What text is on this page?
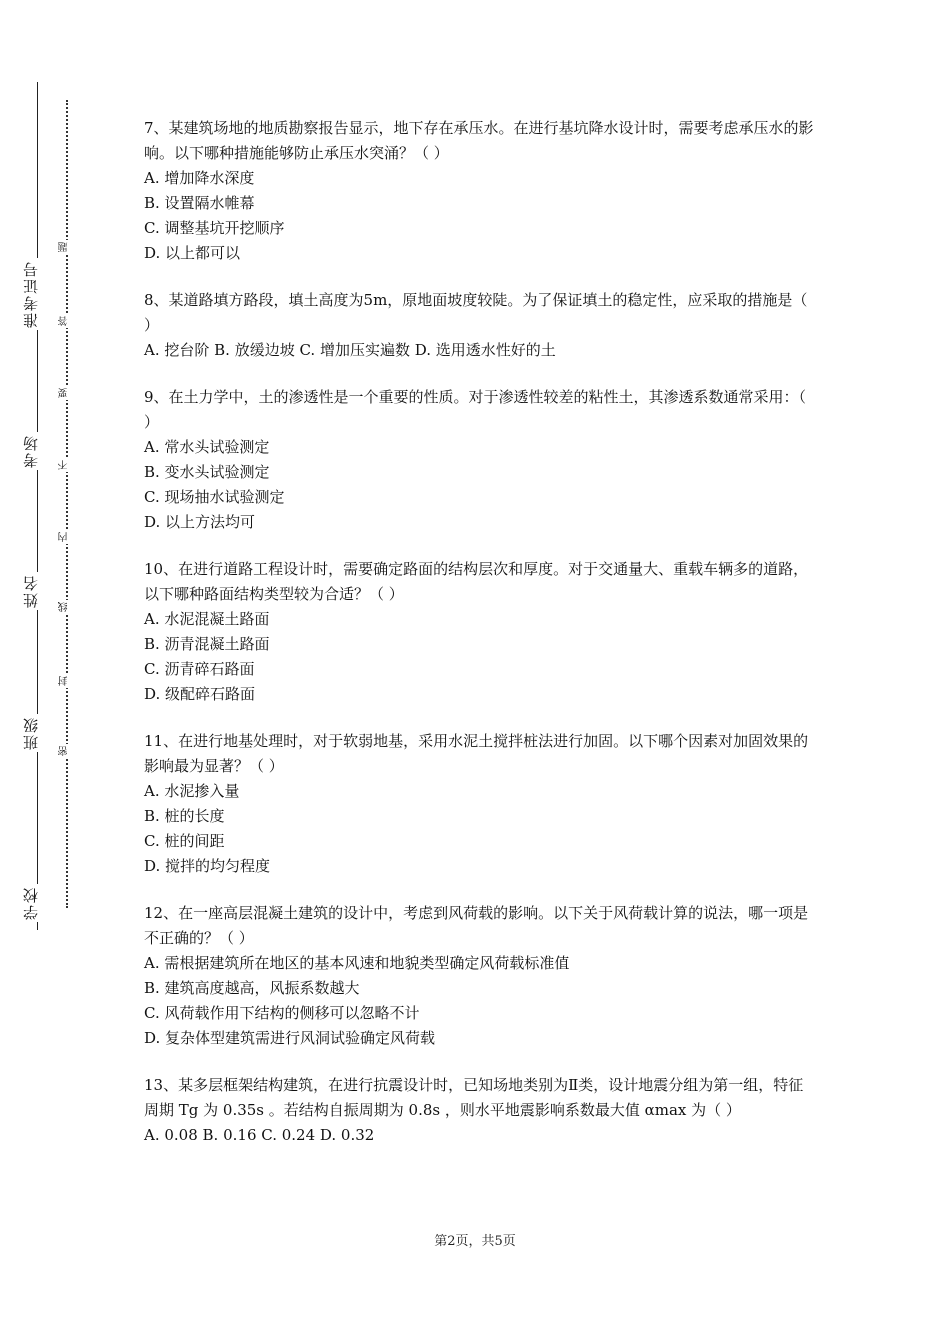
准考证号
考场
姓名
班级
学校
题
答
要
不
内
线
封
密

7、某建筑场地的地质勘察报告显示，地下存在承压水。在进行基坑降水设计时，需要考虑承压水的影响。以下哪种措施能够防止承压水突涌？（ ）

A. 增加降水深度

B. 设置隔水帷幕

C. 调整基坑开挖顺序

D. 以上都可以

8、某道路填方路段，填土高度为5m，原地面坡度较陡。为了保证填土的稳定性，应采取的措施是（ ）

A. 挖台阶 B. 放缓边坡 C. 增加压实遍数 D. 选用透水性好的土

9、在土力学中，土的渗透性是一个重要的性质。对于渗透性较差的粘性土，其渗透系数通常采用：（ ）

A. 常水头试验测定

B. 变水头试验测定

C. 现场抽水试验测定

D. 以上方法均可

10、在进行道路工程设计时，需要确定路面的结构层次和厚度。对于交通量大、重载车辆多的道路，以下哪种路面结构类型较为合适？（ ）

A. 水泥混凝土路面

B. 沥青混凝土路面

C. 沥青碎石路面

D. 级配碎石路面

11、在进行地基处理时，对于软弱地基，采用水泥土搅拌桩法进行加固。以下哪个因素对加固效果的影响最为显著？（ ）

A. 水泥掺入量

B. 桩的长度

C. 桩的间距

D. 搅拌的均匀程度

12、在一座高层混凝土建筑的设计中，考虑到风荷载的影响。以下关于风荷载计算的说法，哪一项是不正确的？（ ）

A. 需根据建筑所在地区的基本风速和地貌类型确定风荷载标准值

B. 建筑高度越高，风振系数越大

C. 风荷载作用下结构的侧移可以忽略不计

D. 复杂体型建筑需进行风洞试验确定风荷载

13、某多层框架结构建筑，在进行抗震设计时，已知场地类别为Ⅱ类，设计地震分组为第一组，特征周期 Tg 为 0.35s 。若结构自振周期为 0.8s ，则水平地震影响系数最大值 αmax 为（ ）

A. 0.08 B. 0.16 C. 0.24 D. 0.32

第2页，共5页
